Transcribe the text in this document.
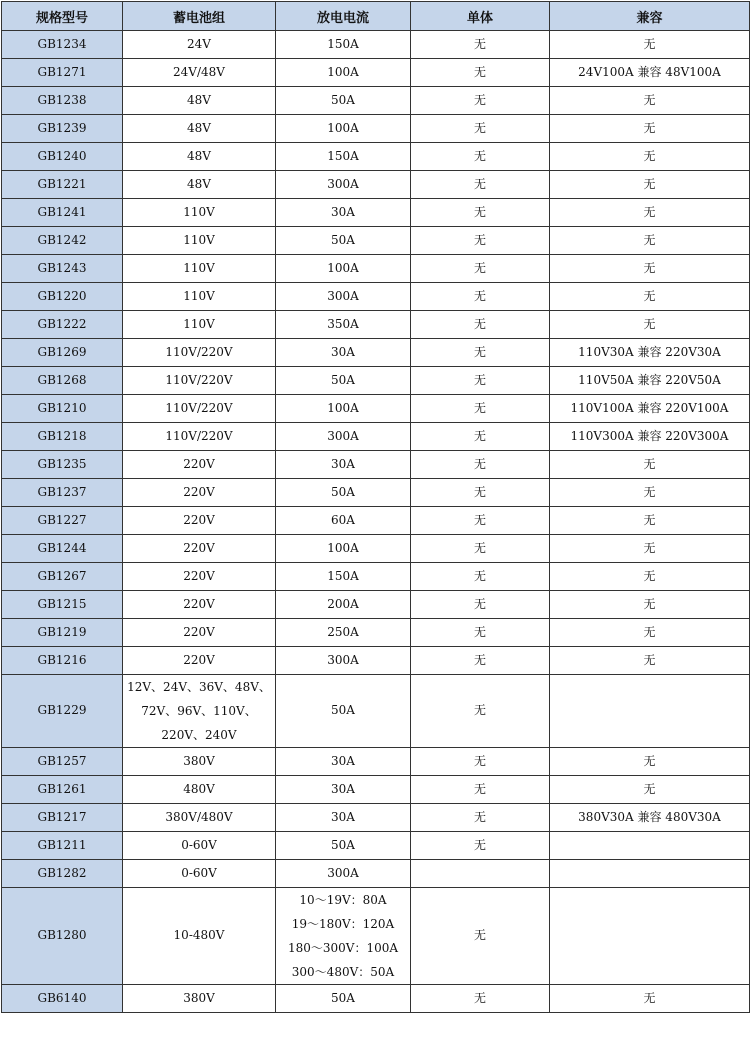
规格型号	蓄电池组	放电电流	单体	兼容
GB1234	24V	150A	无	无
GB1271	24V/48V	100A	无	24V100A 兼容 48V100A
GB1238	48V	50A	无	无
GB1239	48V	100A	无	无
GB1240	48V	150A	无	无
GB1221	48V	300A	无	无
GB1241	110V	30A	无	无
GB1242	110V	50A	无	无
GB1243	110V	100A	无	无
GB1220	110V	300A	无	无
GB1222	110V	350A	无	无
GB1269	110V/220V	30A	无	110V30A 兼容 220V30A
GB1268	110V/220V	50A	无	110V50A 兼容 220V50A
GB1210	110V/220V	100A	无	110V100A 兼容 220V100A
GB1218	110V/220V	300A	无	110V300A 兼容 220V300A
GB1235	220V	30A	无	无
GB1237	220V	50A	无	无
GB1227	220V	60A	无	无
GB1244	220V	100A	无	无
GB1267	220V	150A	无	无
GB1215	220V	200A	无	无
GB1219	220V	250A	无	无
GB1216	220V	300A	无	无
GB1229	12V、24V、36V、48V、
72V、96V、110V、
220V、240V	50A	无	
GB1257	380V	30A	无	无
GB1261	480V	30A	无	无
GB1217	380V/480V	30A	无	380V30A 兼容 480V30A
GB1211	0-60V	50A	无	
GB1282	0-60V	300A		
GB1280	10-480V	10～19V：80A
19～180V：120A
180～300V：100A
300～480V：50A	无	
GB6140	380V	50A	无	无
